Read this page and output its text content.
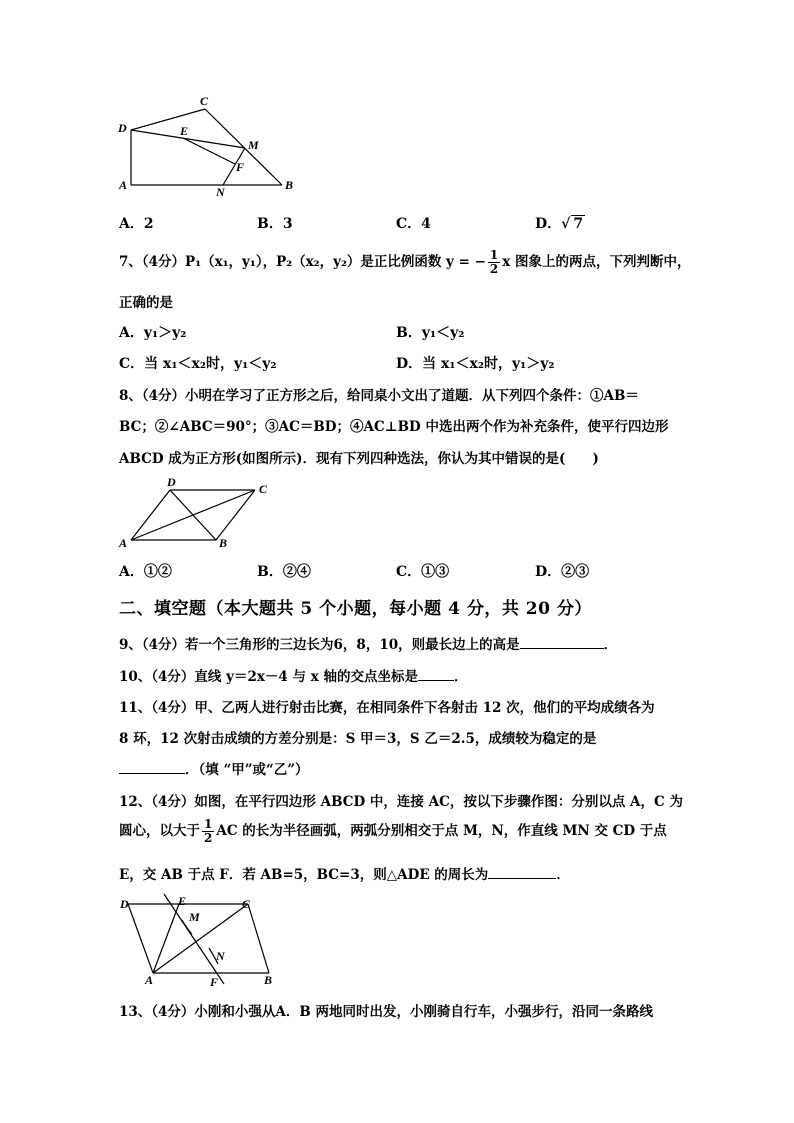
D
C
E
M
F
A	N	B
A．2	B．3	C．4	D．√ 7
7、（4分）P₁（x₁，y₁），P₂（x₂，y₂）是正比例函数 y = − $\frac{1}{2}$ x 图象上的两点，下列判断中，
正确的是
A．y₁＞y₂	B．y₁＜y₂
C．当 x₁＜x₂时，y₁＜y₂	D．当 x₁＜x₂时，y₁＞y₂
8、（4分）小明在学习了正方形之后，给同桌小文出了道题．从下列四个条件：①AB＝
BC；②∠ABC＝90°；③AC＝BD；④AC⊥BD 中选出两个作为补充条件，使平行四边形
ABCD 成为正方形(如图所示)．现有下列四种选法，你认为其中错误的是(　　)
D	C
A	B
A．①②	B．②④	C．①③	D．②③
二、填空题（本大题共 5 个小题，每小题 4 分，共 20 分）
9、（4分）若一个三角形的三边长为6，8，10，则最长边上的高是	．
10、（4分）直线 y＝2x－4 与 x 轴的交点坐标是	．
11、（4分）甲、乙两人进行射击比赛，在相同条件下各射击 12 次，他们的平均成绩各为
8 环，12 次射击成绩的方差分别是：S 甲＝3，S 乙＝2.5，成绩较为稳定的是
．（填 “甲”或“乙”）
12、（4分）如图，在平行四边形 ABCD 中，连接 AC，按以下步骤作图：分别以点 A，C 为
圆心，以大于 $\frac{1}{2}$ AC 的长为半径画弧，两弧分别相交于点 M，N，作直线 MN 交 CD 于点
E，交 AB 于点 F．若 AB=5，BC=3，则△ADE 的周长为	．
D	E
M
C
N
A	F	B
13、（4分）小刚和小强从A．B 两地同时出发，小刚骑自行车，小强步行，沿同一条路线
